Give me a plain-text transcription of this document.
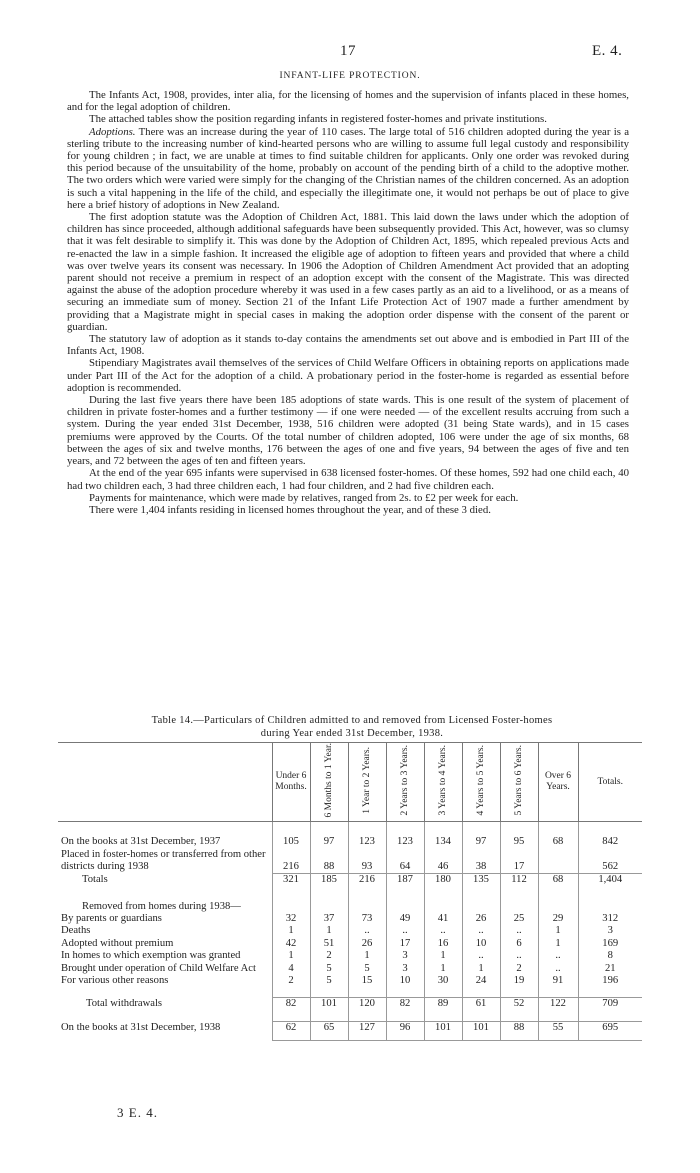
17	E. 4.
INFANT-LIFE PROTECTION.

The Infants Act, 1908, provides, inter alia, for the licensing of homes and the supervision of infants placed in these homes, and for the legal adoption of children.

The attached tables show the position regarding infants in registered foster-homes and private institutions.

Adoptions. There was an increase during the year of 110 cases. The large total of 516 children adopted during the year is a sterling tribute to the increasing number of kind-hearted persons who are willing to assume full legal custody and responsibility for young children ; in fact, we are unable at times to find suitable children for applicants. Only one order was revoked during this period because of the unsuitability of the home, probably on account of the pending birth of a child to the adoptive mother. The two orders which were varied were simply for the changing of the Christian names of the children concerned. As an adoption is such a vital happening in the life of the child, and especially the illegitimate one, it would not perhaps be out of place to give here a brief history of adoptions in New Zealand.

The first adoption statute was the Adoption of Children Act, 1881. This laid down the laws under which the adoption of children has since proceeded, although additional safeguards have been subsequently provided. This Act, however, was so clumsy that it was felt desirable to simplify it. This was done by the Adoption of Children Act, 1895, which repealed previous Acts and re-enacted the law in a simple fashion. It increased the eligible age of adoption to fifteen years and provided that where a child was over twelve years its consent was necessary. In 1906 the Adoption of Children Amendment Act provided that an adopting parent should not receive a premium in respect of an adoption except with the consent of the Magistrate. This was directed against the abuse of the adoption procedure whereby it was used in a few cases partly as an aid to a livelihood, or as a means of securing an immediate sum of money. Section 21 of the Infant Life Protection Act of 1907 made a further amendment by providing that a Magistrate might in special cases in making the adoption order dispense with the consent of the parent or guardian.

The statutory law of adoption as it stands to-day contains the amendments set out above and is embodied in Part III of the Infants Act, 1908.

Stipendiary Magistrates avail themselves of the services of Child Welfare Officers in obtaining reports on applications made under Part III of the Act for the adoption of a child. A probationary period in the foster-home is regarded as essential before adoption is recommended.

During the last five years there have been 185 adoptions of state wards. This is one result of the system of placement of children in private foster-homes and a further testimony — if one were needed — of the excellent results accruing from such a system. During the year ended 31st December, 1938, 516 children were adopted (31 being State wards), and in 15 cases premiums were approved by the Courts. Of the total number of children adopted, 106 were under the age of six months, 68 between the ages of six and twelve months, 176 between the ages of one and five years, 94 between the ages of five and ten years, and 72 between the ages of ten and fifteen years.

At the end of the year 695 infants were supervised in 638 licensed foster-homes. Of these homes, 592 had one child each, 40 had two children each, 3 had three children each, 1 had four children, and 2 had five children each.

Payments for maintenance, which were made by relatives, ranged from 2s. to £2 per week for each.

There were 1,404 infants residing in licensed homes throughout the year, and of these 3 died.

Table 14.—Particulars of Children admitted to and removed from Licensed Foster-homes
during Year ended 31st December, 1938.
	Under 6 Months.	6 Months to 1 Year.	1 Year to 2 Years.	2 Years to 3 Years.	3 Years to 4 Years.	4 Years to 5 Years.	5 Years to 6 Years.	Over 6 Years.	Totals.

On the books at 31st December, 1937	105	97	123	123	134	97	95	68	842
Placed in foster-homes or transferred from other districts during 1938	216	88	93	64	46	38	17		562
Totals	321	185	216	187	180	135	112	68	1,404

Removed from homes during 1938—									
By parents or guardians	32	37	73	49	41	26	25	29	312
Deaths	1	1	..	..	..	..	..	1	3
Adopted without premium	42	51	26	17	16	10	6	1	169
In homes to which exemption was granted	1	2	1	3	1	..	..	..	8
Brought under operation of Child Welfare Act	4	5	5	3	1	1	2	..	21
For various other reasons	2	5	15	10	30	24	19	91	196

Total withdrawals	82	101	120	82	89	61	52	122	709

On the books at 31st December, 1938	62	65	127	96	101	101	88	55	695

3 E. 4.
